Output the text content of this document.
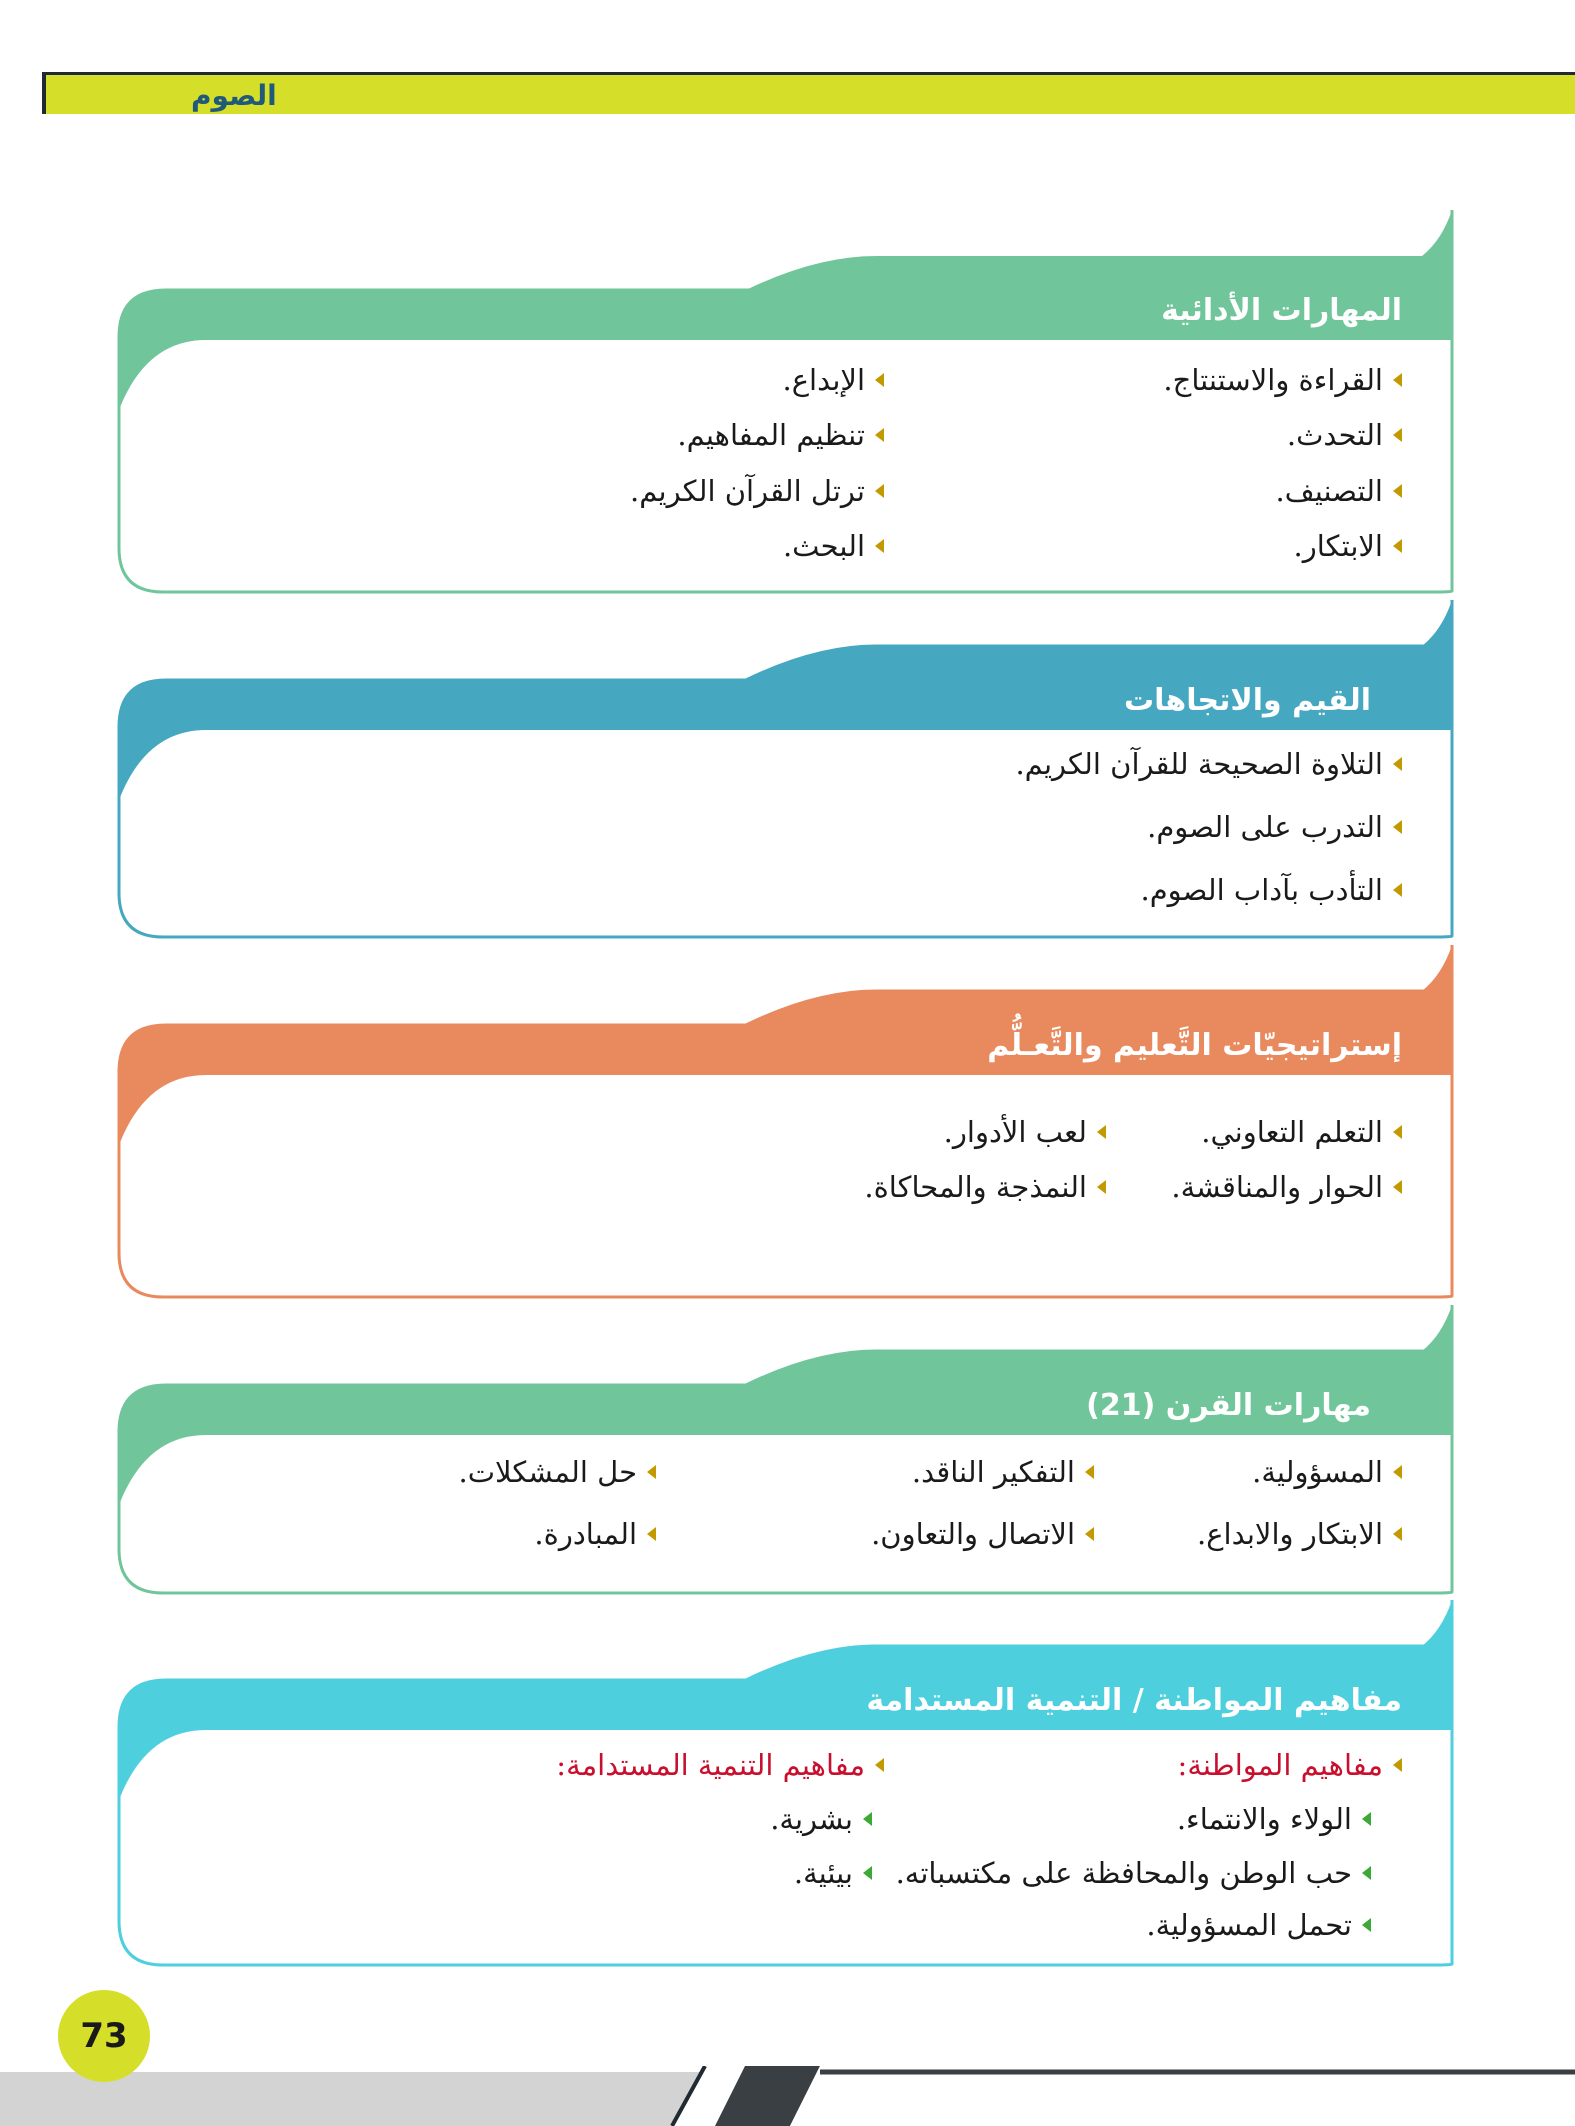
الصوم
المهارات الأدائية
القراءة والاستنتاج.
التحدث.
التصنيف.
الابتكار.
الإبداع.
تنظيم المفاهيم.
ترتل القرآن الكريم.
البحث.
القيم والاتجاهات
التلاوة الصحيحة للقرآن الكريم.
التدرب على الصوم.
التأدب بآداب الصوم.
إستراتيجيّات التَّعليم والتَّعـلُّم
التعلم التعاوني.
الحوار والمناقشة.
لعب الأدوار.
النمذجة والمحاكاة.
مهارات القرن (21)
المسؤولية.
الابتكار والابداع.
التفكير الناقد.
الاتصال والتعاون.
حل المشكلات.
المبادرة.
مفاهيم المواطنة / التنمية المستدامة
مفاهيم المواطنة:
الولاء والانتماء.
حب الوطن والمحافظة على مكتسباته.
تحمل المسؤولية.
مفاهيم التنمية المستدامة:
بشرية.
بيئية.
73
